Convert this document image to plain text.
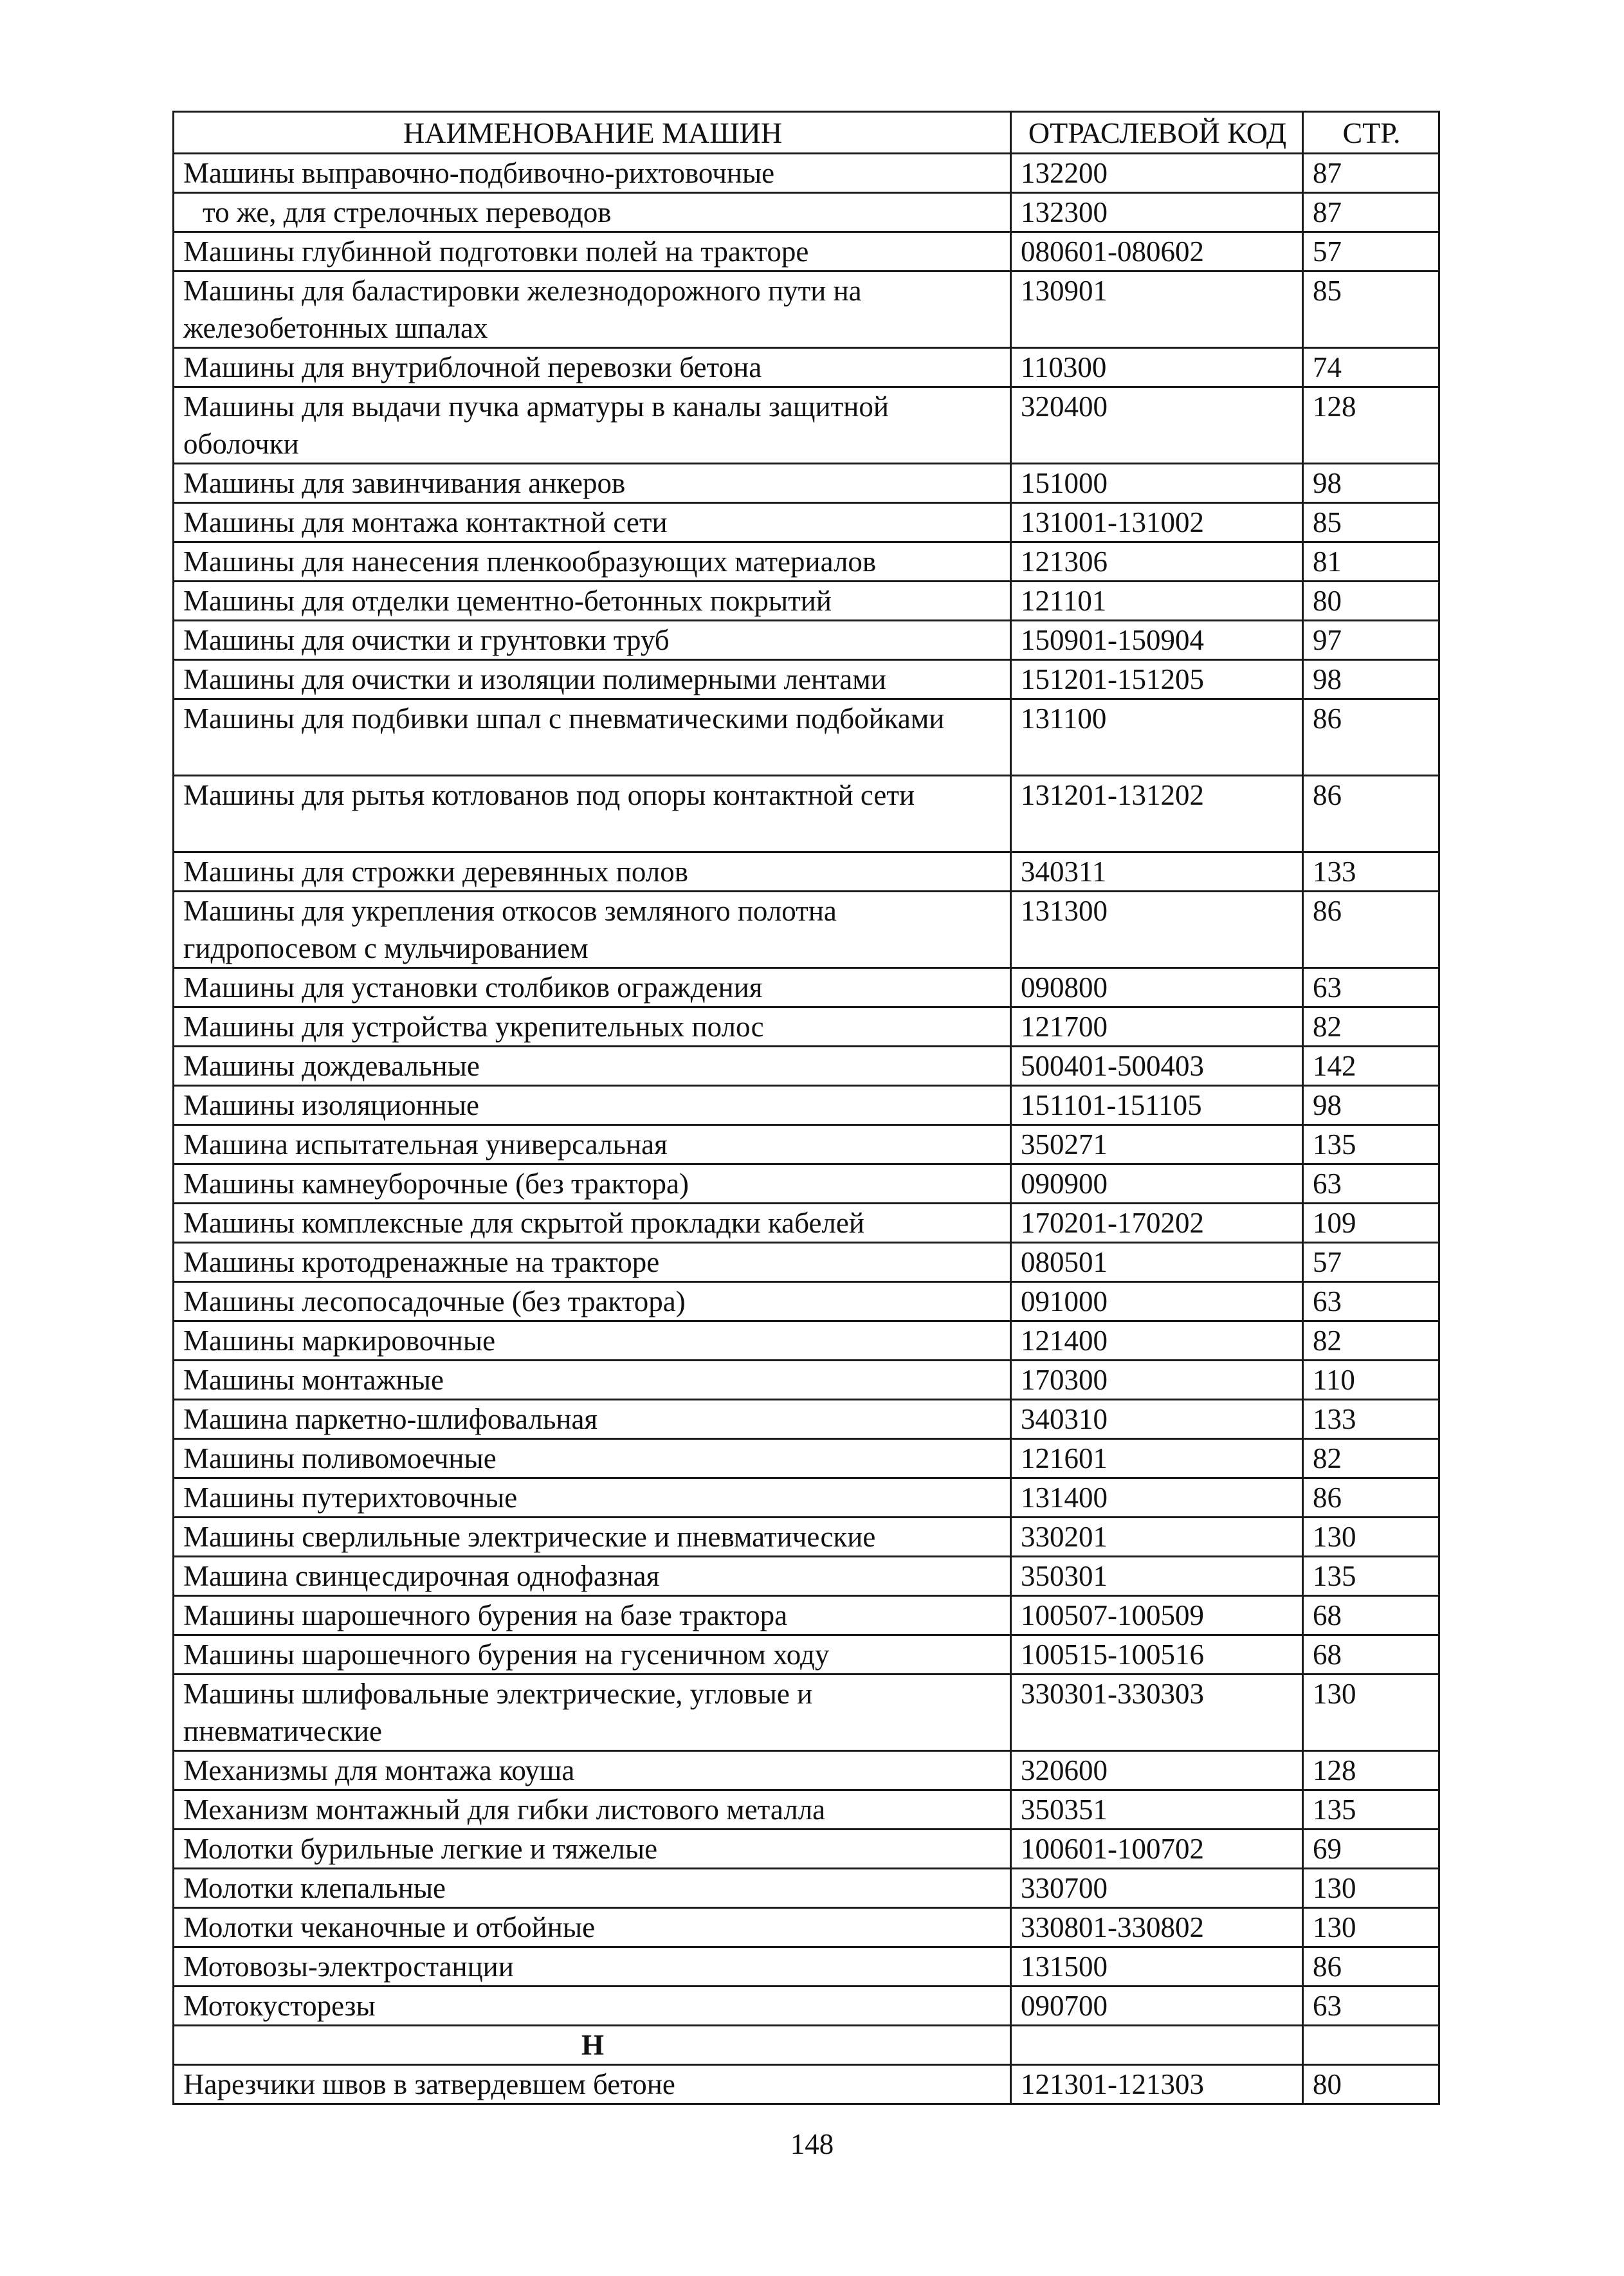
НАИМЕНОВАНИЕ МАШИН	ОТРАСЛЕВОЙ КОД	СТР.
Машины выправочно-подбивочно-рихтовочные	132200	87
то же, для стрелочных переводов	132300	87
Машины глубинной подготовки полей на тракторе	080601-080602	57
Машины для баластировки железнодорожного пути на железобетонных шпалах	130901	85
Машины для внутриблочной перевозки бетона	110300	74
Машины для выдачи пучка арматуры в каналы защитной оболочки	320400	128
Машины для завинчивания анкеров	151000	98
Машины для монтажа контактной сети	131001-131002	85
Машины для нанесения пленкообразующих материалов	121306	81
Машины для отделки цементно-бетонных покрытий	121101	80
Машины для очистки и грунтовки труб	150901-150904	97
Машины для очистки и изоляции полимерными лентами	151201-151205	98
Машины для подбивки шпал с пневматическими подбойками	131100	86
Машины для рытья котлованов под опоры контактной сети	131201-131202	86
Машины для строжки деревянных полов	340311	133
Машины для укрепления откосов земляного полотна гидропосевом с мульчированием	131300	86
Машины для установки столбиков ограждения	090800	63
Машины для устройства укрепительных полос	121700	82
Машины дождевальные	500401-500403	142
Машины изоляционные	151101-151105	98
Машина испытательная универсальная	350271	135
Машины камнеуборочные (без трактора)	090900	63
Машины комплексные для скрытой прокладки кабелей	170201-170202	109
Машины кротодренажные на тракторе	080501	57
Машины лесопосадочные (без трактора)	091000	63
Машины маркировочные	121400	82
Машины монтажные	170300	110
Машина паркетно-шлифовальная	340310	133
Машины поливомоечные	121601	82
Машины путерихтовочные	131400	86
Машины сверлильные электрические и пневматические	330201	130
Машина свинцесдирочная однофазная	350301	135
Машины шарошечного бурения на базе трактора	100507-100509	68
Машины шарошечного бурения на гусеничном ходу	100515-100516	68
Машины шлифовальные электрические, угловые и пневматические	330301-330303	130
Механизмы для монтажа коуша	320600	128
Механизм монтажный для гибки листового металла	350351	135
Молотки бурильные легкие и тяжелые	100601-100702	69
Молотки клепальные	330700	130
Молотки чеканочные и отбойные	330801-330802	130
Мотовозы-электростанции	131500	86
Мотокусторезы	090700	63
Н		
Нарезчики швов в затвердевшем бетоне	121301-121303	80
148
